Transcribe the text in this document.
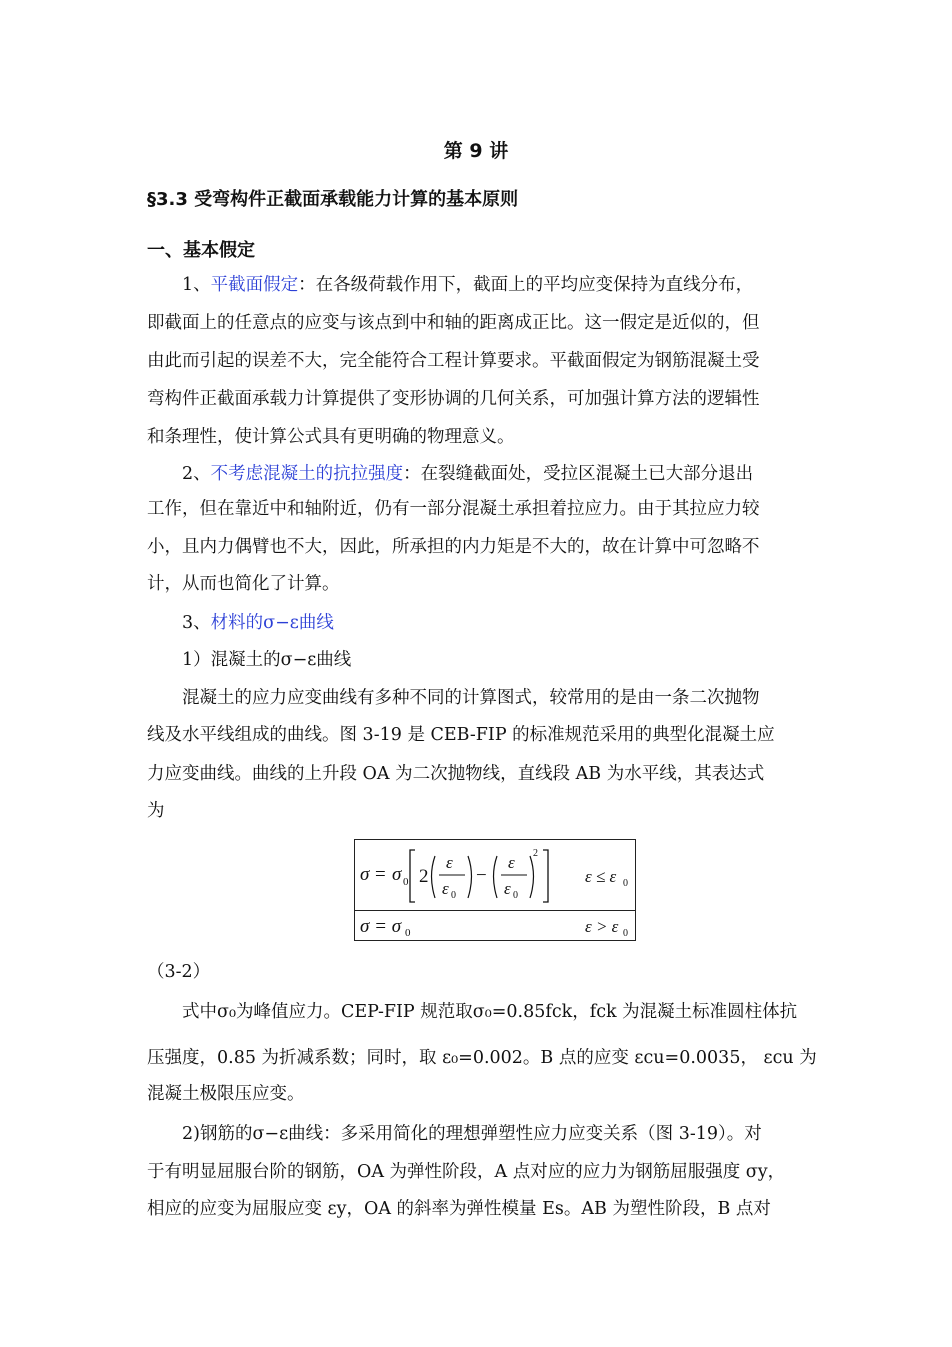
第 9 讲
§3.3 受弯构件正截面承载能力计算的基本原则
一、基本假定
1、平截面假定：在各级荷载作用下，截面上的平均应变保持为直线分布，
即截面上的任意点的应变与该点到中和轴的距离成正比。这一假定是近似的，但
由此而引起的误差不大，完全能符合工程计算要求。平截面假定为钢筋混凝土受
弯构件正截面承载力计算提供了变形协调的几何关系，可加强计算方法的逻辑性
和条理性，使计算公式具有更明确的物理意义。
2、不考虑混凝土的抗拉强度：在裂缝截面处，受拉区混凝土已大部分退出
工作，但在靠近中和轴附近，仍有一部分混凝土承担着拉应力。由于其拉应力较
小，且内力偶臂也不大，因此，所承担的内力矩是不大的，故在计算中可忽略不
计，从而也简化了计算。
3、材料的σ−ε曲线
1）混凝土的σ−ε曲线
混凝土的应力应变曲线有多种不同的计算图式，较常用的是由一条二次抛物
线及水平线组成的曲线。图 3-19 是 CEB-FIP 的标准规范采用的典型化混凝土应
力应变曲线。曲线的上升段 OA 为二次抛物线，直线段 AB 为水平线，其表达式
为
σ = σ 0 2
ε
ε 0
−
ε
ε 0
2
ε ≤ ε 0
σ = σ 0	ε > ε 0
（3-2）
式中σ₀为峰值应力。CEP-FIP 规范取σ₀=0.85fck，fck 为混凝土标准圆柱体抗
压强度，0.85 为折减系数；同时，取 ε₀=0.002。B 点的应变 εcu=0.0035， εcu 为
混凝土极限压应变。
2)钢筋的σ−ε曲线：多采用简化的理想弹塑性应力应变关系（图 3-19）。对
于有明显屈服台阶的钢筋，OA 为弹性阶段，A 点对应的应力为钢筋屈服强度 σy，
相应的应变为屈服应变 εy，OA 的斜率为弹性模量 Es。AB 为塑性阶段，B 点对
